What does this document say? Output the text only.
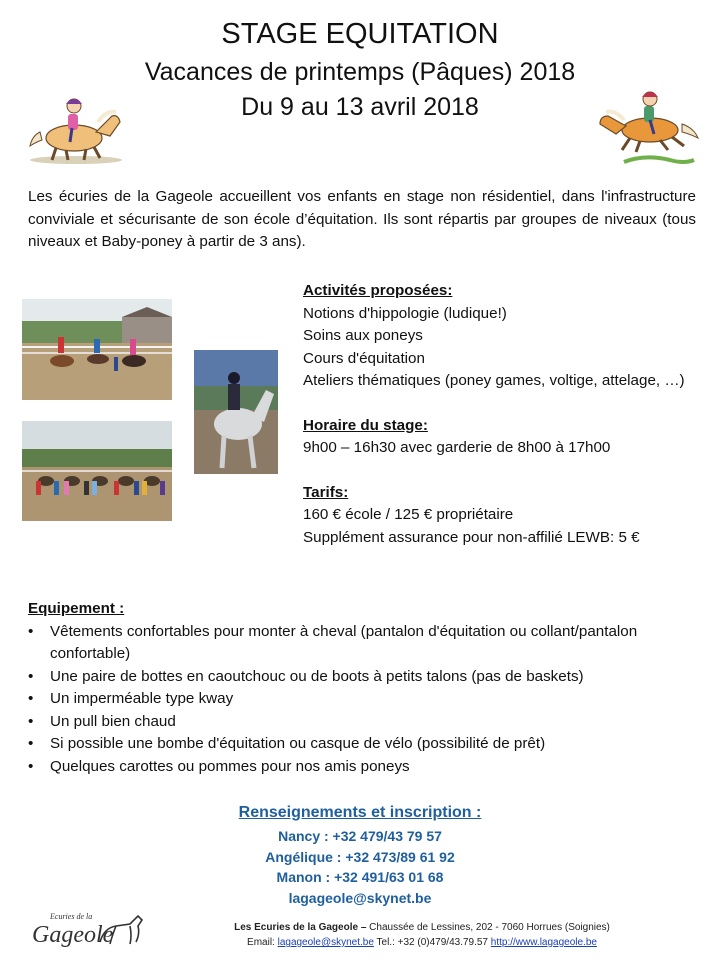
STAGE EQUITATION
Vacances de printemps (Pâques) 2018
Du 9 au 13 avril 2018
Les écuries de la Gageole accueillent vos enfants en stage non résidentiel, dans l'infrastructure conviviale et sécurisante de son école d’équitation. Ils sont répartis par groupes de niveaux (tous niveaux et Baby-poney à partir de 3 ans).
Activités proposées:
Notions d'hippologie (ludique!)
Soins aux poneys
Cours d'équitation
Ateliers thématiques (poney games, voltige, attelage, …)
Horaire du stage:
9h00 – 16h30 avec garderie de 8h00 à 17h00
Tarifs:
160 € école / 125 € propriétaire
Supplément assurance pour non-affilié LEWB: 5 €
Equipement :
• Vêtements confortables pour monter à cheval (pantalon d'équitation ou collant/pantalon confortable)
• Une paire de bottes en caoutchouc ou de boots à petits talons (pas de baskets)
• Un imperméable type kway
• Un pull bien chaud
• Si possible une bombe d'équitation ou casque de vélo (possibilité de prêt)
• Quelques carottes ou pommes pour nos amis poneys
Renseignements et inscription :
Nancy : +32 479/43 79 57
Angélique : +32 473/89 61 92
Manon : +32 491/63 01 68
lagageole@skynet.be
Ecuries de la
Gageole	Les Ecuries de la Gageole – Chaussée de Lessines, 202 - 7060 Horrues (Soignies)
Email: lagageole@skynet.be Tel.: +32 (0)479/43.79.57 http://www.lagageole.be
